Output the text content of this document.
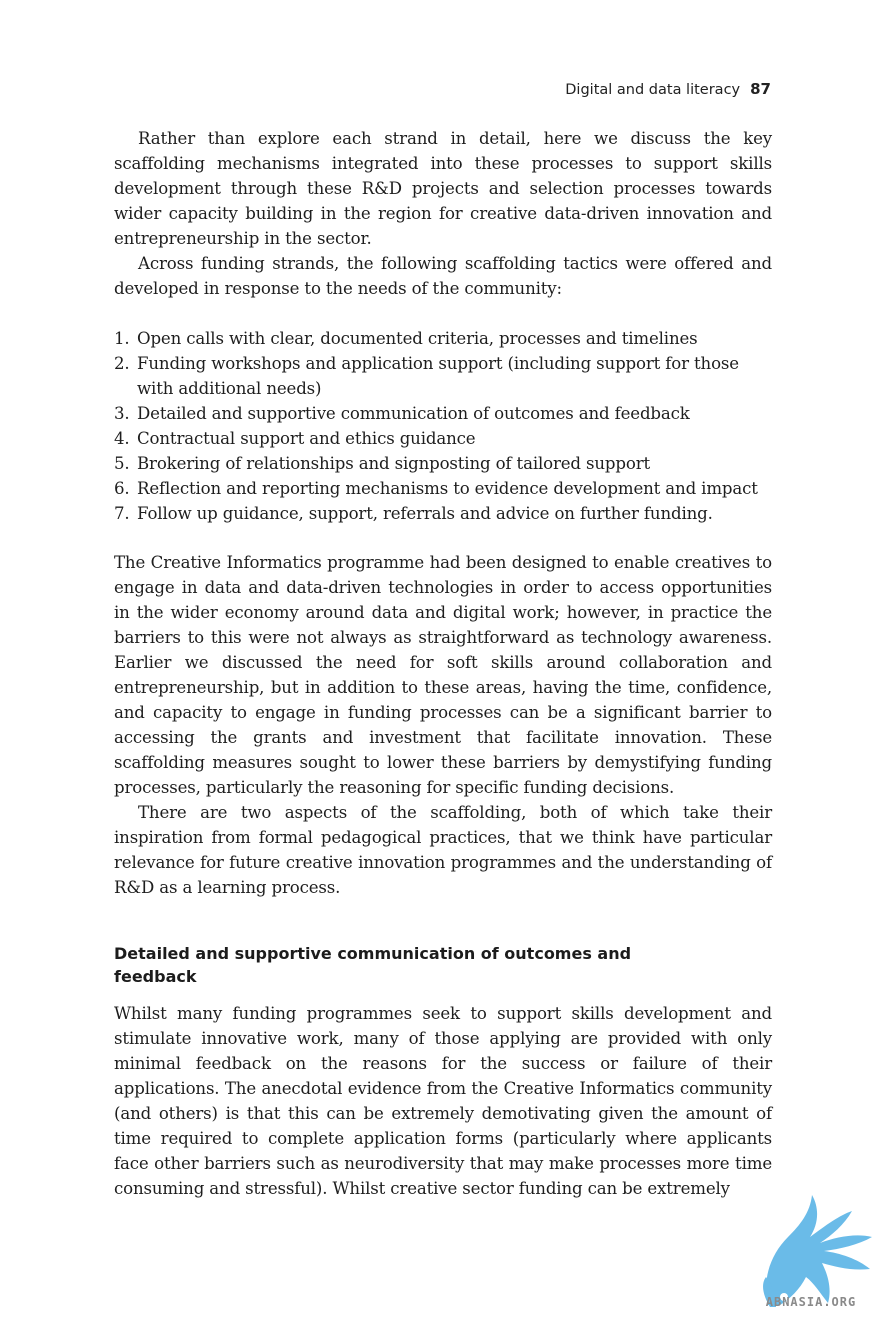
Digital and data literacy 87

Rather than explore each strand in detail, here we discuss the key scaffolding mechanisms integrated into these processes to support skills development through these R&D projects and selection processes towards wider capacity building in the region for creative data-driven innovation and entrepreneurship in the sector.

Across funding strands, the following scaffolding tactics were offered and developed in response to the needs of the community:

1. Open calls with clear, documented criteria, processes and timelines
2. Funding workshops and application support (including support for those with additional needs)
3. Detailed and supportive communication of outcomes and feedback
4. Contractual support and ethics guidance
5. Brokering of relationships and signposting of tailored support
6. Reflection and reporting mechanisms to evidence development and impact
7. Follow up guidance, support, referrals and advice on further funding.

The Creative Informatics programme had been designed to enable creatives to engage in data and data-driven technologies in order to access opportunities in the wider economy around data and digital work; however, in practice the barriers to this were not always as straightforward as technology awareness. Earlier we discussed the need for soft skills around collaboration and entrepreneurship, but in addition to these areas, having the time, confidence, and capacity to engage in funding processes can be a significant barrier to accessing the grants and investment that facilitate innovation. These scaffolding measures sought to lower these barriers by demystifying funding processes, particularly the reasoning for specific funding decisions.

There are two aspects of the scaffolding, both of which take their inspiration from formal pedagogical practices, that we think have particular relevance for future creative innovation programmes and the understanding of R&D as a learning process.

Detailed and supportive communication of outcomes and feedback

Whilst many funding programmes seek to support skills development and stimulate innovative work, many of those applying are provided with only minimal feedback on the reasons for the success or failure of their applications. The anecdotal evidence from the Creative Informatics community (and others) is that this can be extremely demotivating given the amount of time required to complete application forms (particularly where applicants face other barriers such as neurodiversity that may make processes more time consuming and stressful). Whilst creative sector funding can be extremely

ABNASIA.ORG
